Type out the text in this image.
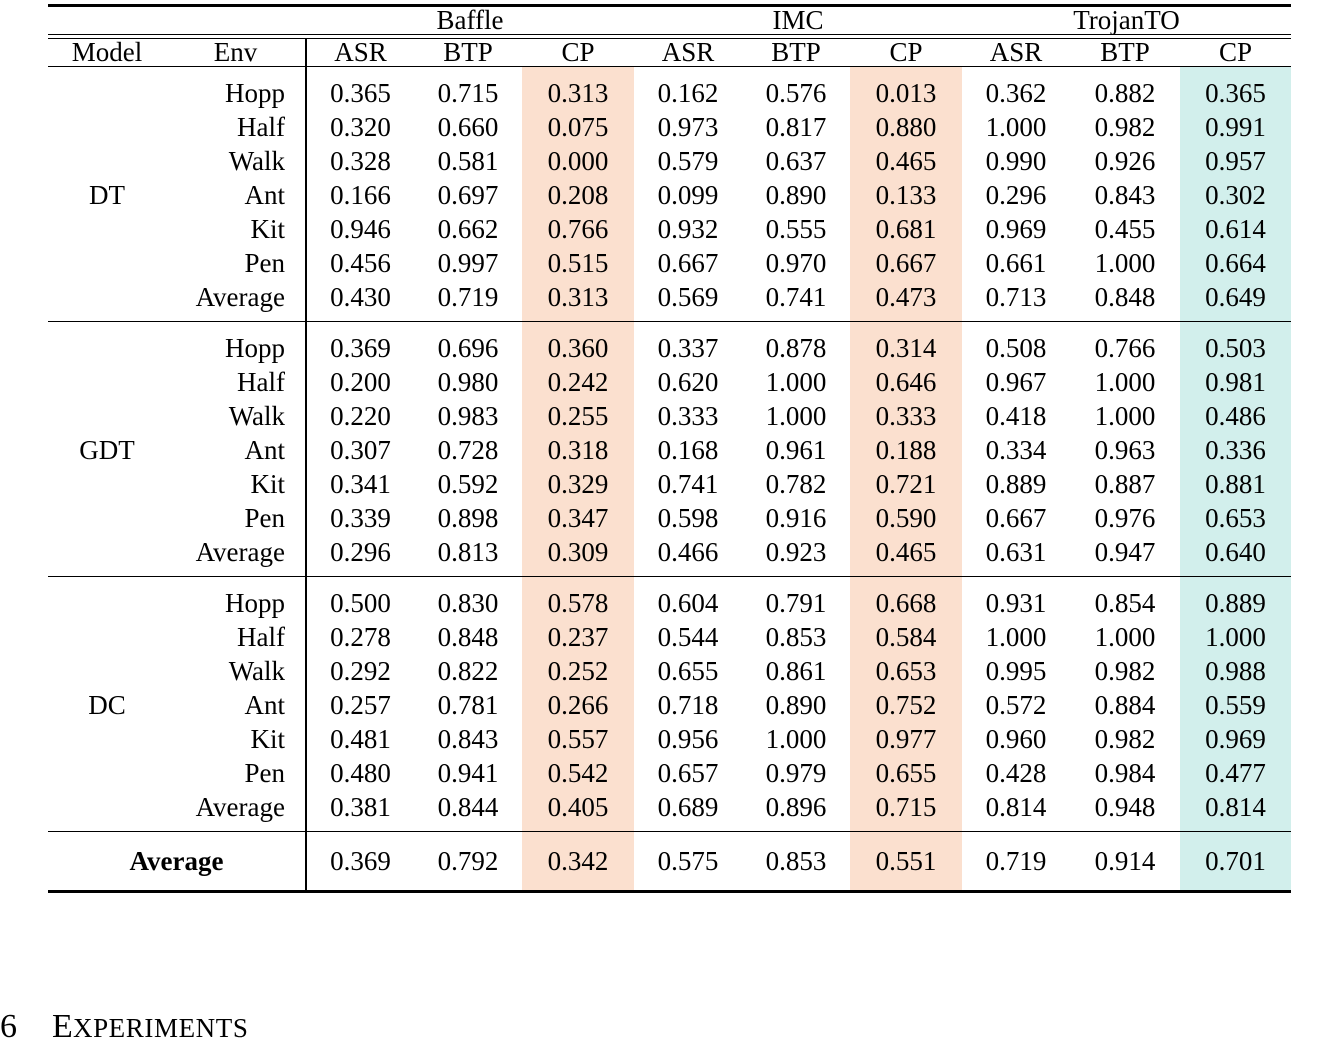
		Baffle			IMC			TrojanTO		

Model	Env	ASR	BTP	CP	ASR	BTP	CP	ASR	BTP	CP

DT	Hopp	0.365	0.715	0.313	0.162	0.576	0.013	0.362	0.882	0.365
	Half	0.320	0.660	0.075	0.973	0.817	0.880	1.000	0.982	0.991
	Walk	0.328	0.581	0.000	0.579	0.637	0.465	0.990	0.926	0.957
	Ant	0.166	0.697	0.208	0.099	0.890	0.133	0.296	0.843	0.302
	Kit	0.946	0.662	0.766	0.932	0.555	0.681	0.969	0.455	0.614
	Pen	0.456	0.997	0.515	0.667	0.970	0.667	0.661	1.000	0.664
	Average	0.430	0.719	0.313	0.569	0.741	0.473	0.713	0.848	0.649

GDT	Hopp	0.369	0.696	0.360	0.337	0.878	0.314	0.508	0.766	0.503
	Half	0.200	0.980	0.242	0.620	1.000	0.646	0.967	1.000	0.981
	Walk	0.220	0.983	0.255	0.333	1.000	0.333	0.418	1.000	0.486
	Ant	0.307	0.728	0.318	0.168	0.961	0.188	0.334	0.963	0.336
	Kit	0.341	0.592	0.329	0.741	0.782	0.721	0.889	0.887	0.881
	Pen	0.339	0.898	0.347	0.598	0.916	0.590	0.667	0.976	0.653
	Average	0.296	0.813	0.309	0.466	0.923	0.465	0.631	0.947	0.640

DC	Hopp	0.500	0.830	0.578	0.604	0.791	0.668	0.931	0.854	0.889
	Half	0.278	0.848	0.237	0.544	0.853	0.584	1.000	1.000	1.000
	Walk	0.292	0.822	0.252	0.655	0.861	0.653	0.995	0.982	0.988
	Ant	0.257	0.781	0.266	0.718	0.890	0.752	0.572	0.884	0.559
	Kit	0.481	0.843	0.557	0.956	1.000	0.977	0.960	0.982	0.969
	Pen	0.480	0.941	0.542	0.657	0.979	0.655	0.428	0.984	0.477
	Average	0.381	0.844	0.405	0.689	0.896	0.715	0.814	0.948	0.814

Average		0.369	0.792	0.342	0.575	0.853	0.551	0.719	0.914	0.701

6 EXPERIMENTS
